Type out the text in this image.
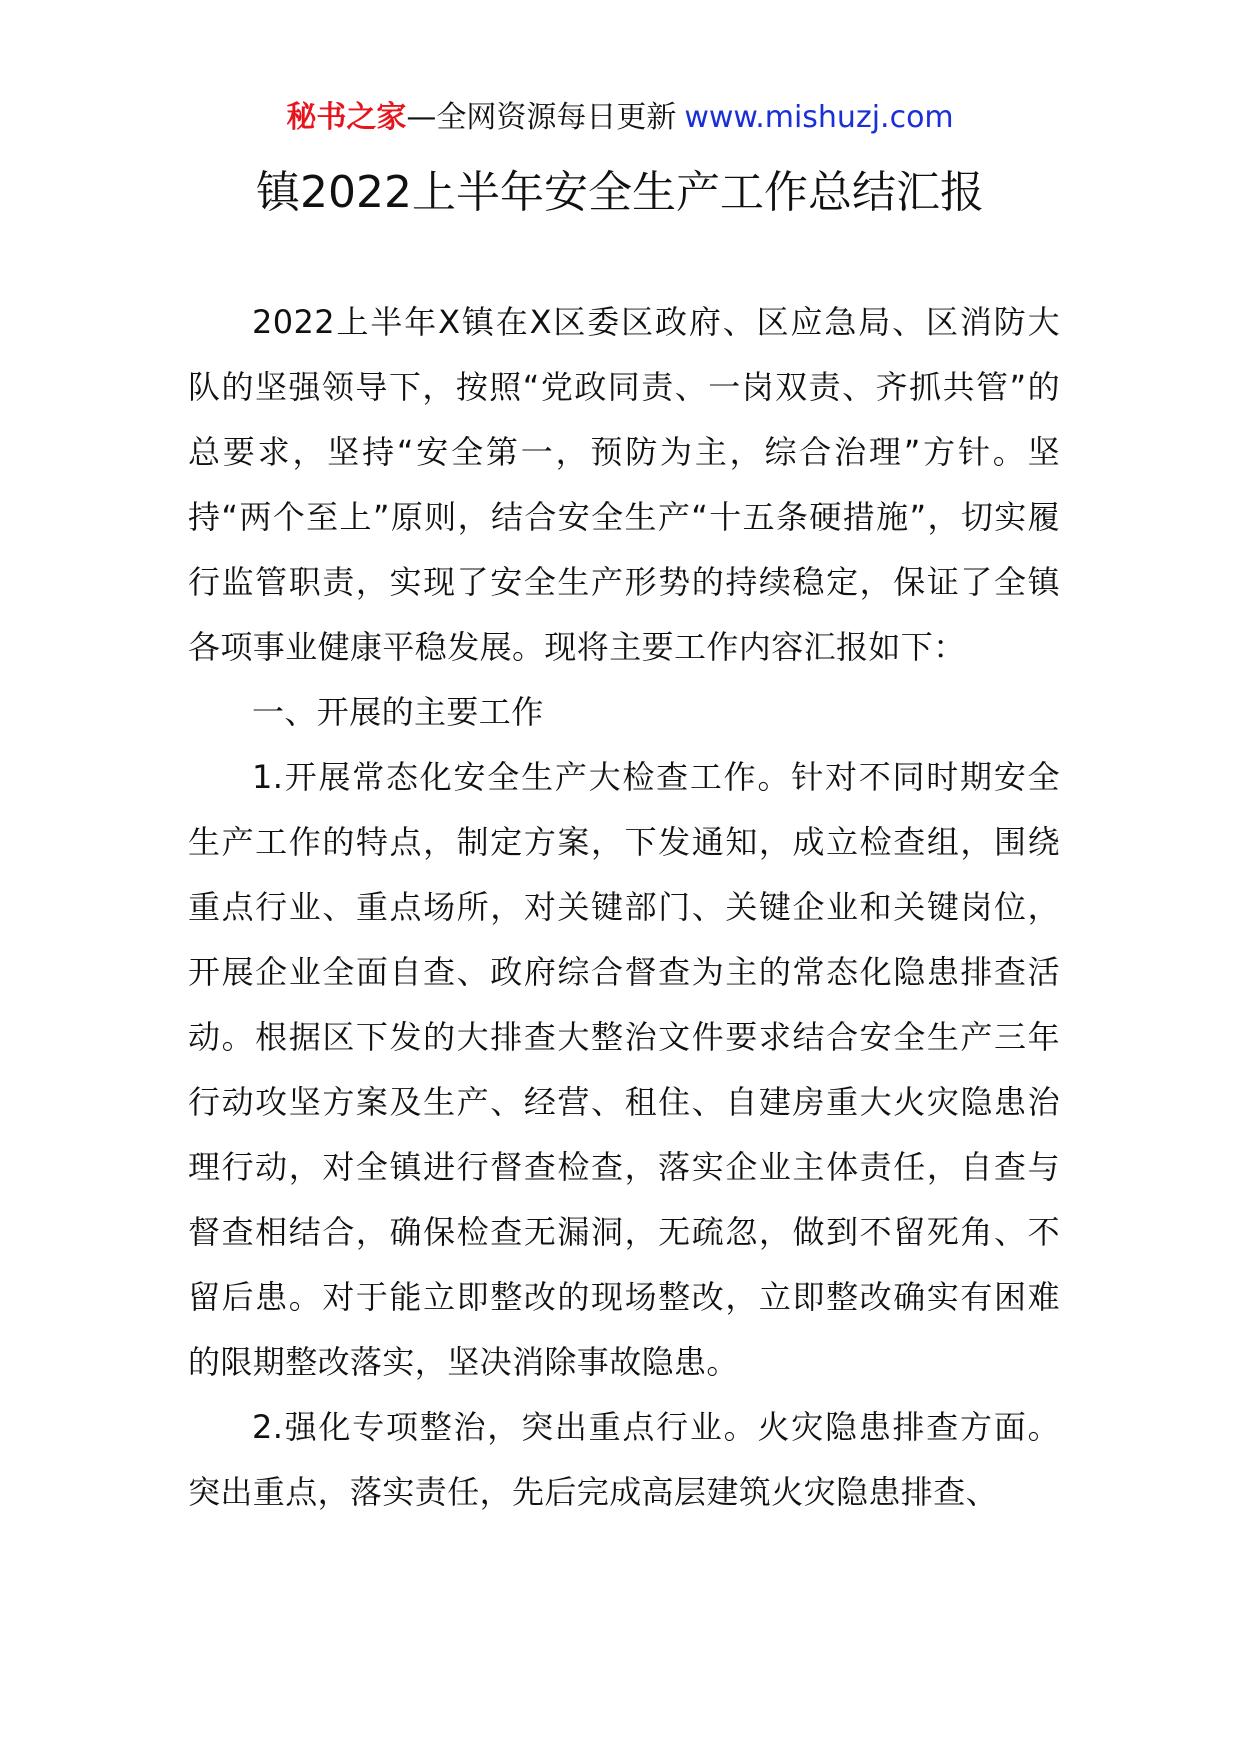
秘书之家—全网资源每日更新 www.mishuzj.com
镇2022上半年安全生产工作总结汇报

2022上半年X镇在X区委区政府、区应急局、区消防大队的坚强领导下，按照“党政同责、一岗双责、齐抓共管”的总要求，坚持“安全第一，预防为主，综合治理”方针。坚持“两个至上”原则，结合安全生产“十五条硬措施”，切实履行监管职责，实现了安全生产形势的持续稳定，保证了全镇各项事业健康平稳发展。现将主要工作内容汇报如下：

一、开展的主要工作

1.开展常态化安全生产大检查工作。针对不同时期安全生产工作的特点，制定方案，下发通知，成立检查组，围绕重点行业、重点场所，对关键部门、关键企业和关键岗位，开展企业全面自查、政府综合督查为主的常态化隐患排查活动。根据区下发的大排查大整治文件要求结合安全生产三年行动攻坚方案及生产、经营、租住、自建房重大火灾隐患治理行动，对全镇进行督查检查，落实企业主体责任，自查与督查相结合，确保检查无漏洞，无疏忽，做到不留死角、不留后患。对于能立即整改的现场整改，立即整改确实有困难的限期整改落实，坚决消除事故隐患。

2.强化专项整治，突出重点行业。火灾隐患排查方面。突出重点，落实责任，先后完成高层建筑火灾隐患排查、
